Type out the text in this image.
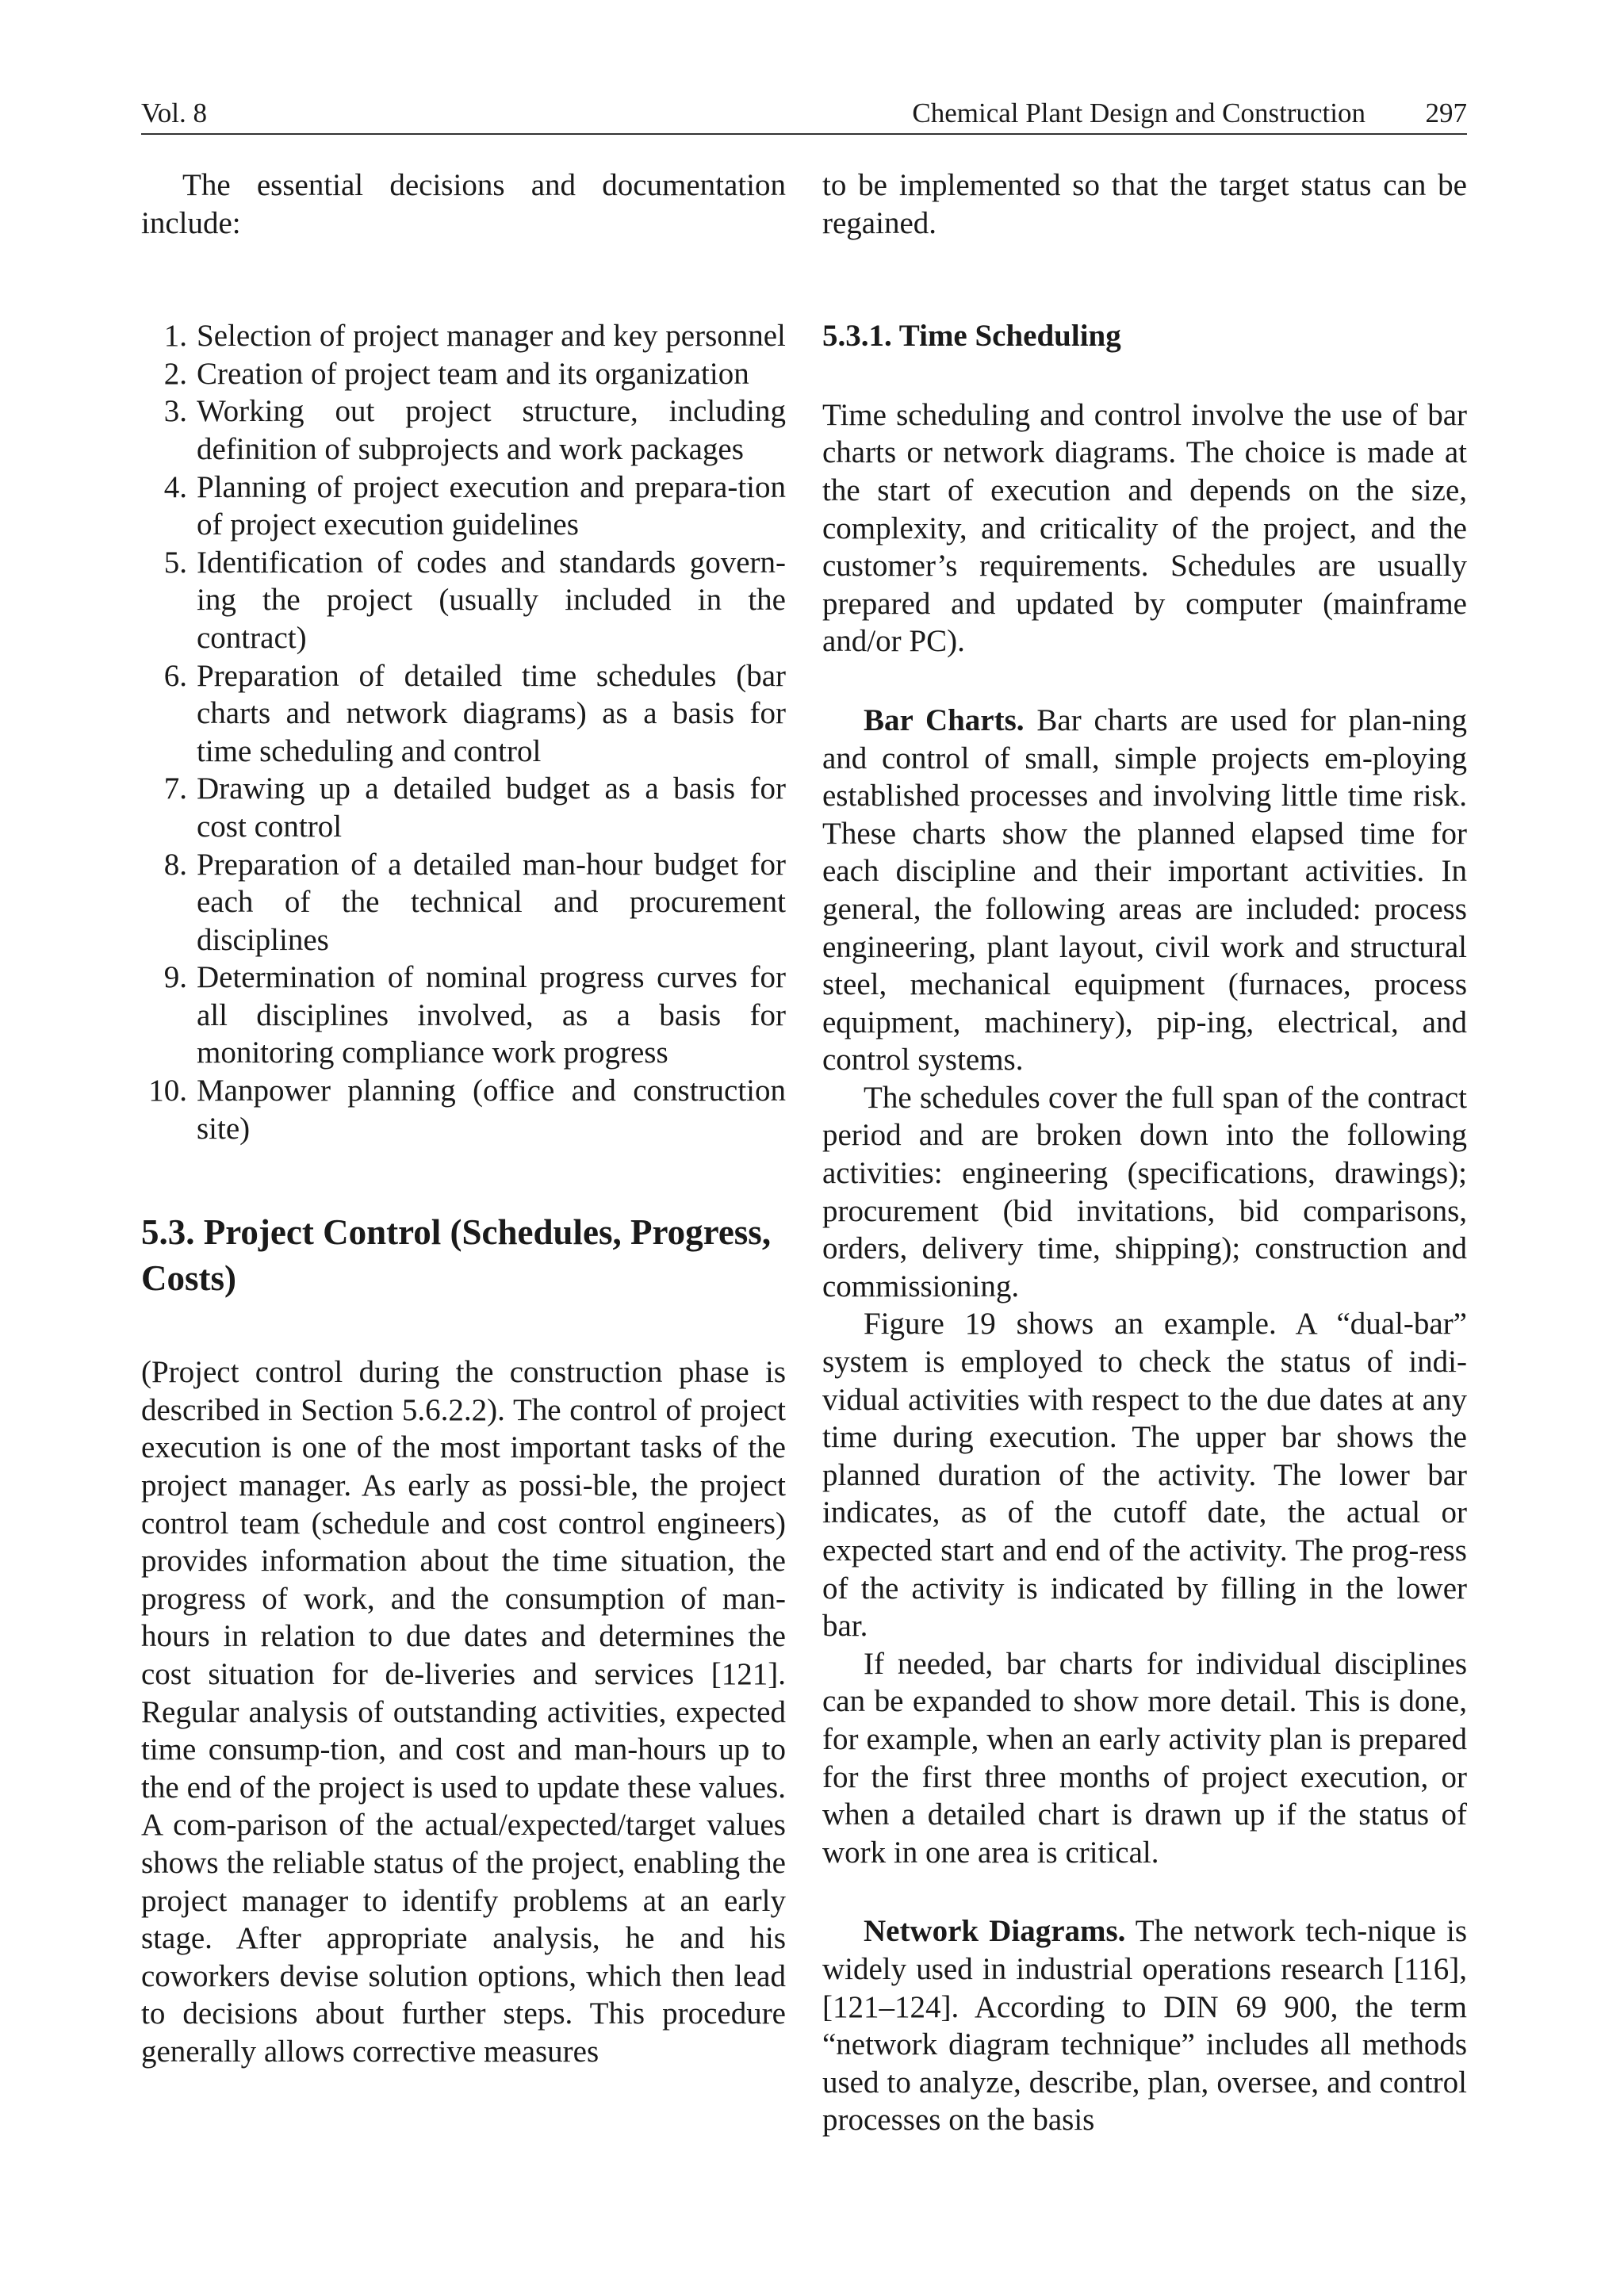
Vol. 8	Chemical Plant Design and Construction 297

The essential decisions and documentation include:

1. Selection of project manager and key personnel
2. Creation of project team and its organization
3. Working out project structure, including definition of subprojects and work packages
4. Planning of project execution and prepara-tion of project execution guidelines
5. Identification of codes and standards govern-ing the project (usually included in the contract)
6. Preparation of detailed time schedules (bar charts and network diagrams) as a basis for time scheduling and control
7. Drawing up a detailed budget as a basis for cost control
8. Preparation of a detailed man-hour budget for each of the technical and procurement disciplines
9. Determination of nominal progress curves for all disciplines involved, as a basis for monitoring compliance work progress
10. Manpower planning (office and construction site)
5.3. Project Control (Schedules, Progress, Costs)

(Project control during the construction phase is described in Section 5.6.2.2). The control of project execution is one of the most important tasks of the project manager. As early as possi-ble, the project control team (schedule and cost control engineers) provides information about the time situation, the progress of work, and the consumption of man-hours in relation to due dates and determines the cost situation for de-liveries and services [121]. Regular analysis of outstanding activities, expected time consump-tion, and cost and man-hours up to the end of the project is used to update these values. A com-parison of the actual/expected/target values shows the reliable status of the project, enabling the project manager to identify problems at an early stage. After appropriate analysis, he and his coworkers devise solution options, which then lead to decisions about further steps. This procedure generally allows corrective measures

to be implemented so that the target status can be regained.

5.3.1. Time Scheduling

Time scheduling and control involve the use of bar charts or network diagrams. The choice is made at the start of execution and depends on the size, complexity, and criticality of the project, and the customer’s requirements. Schedules are usually prepared and updated by computer (mainframe and/or PC).

Bar Charts. Bar charts are used for plan-ning and control of small, simple projects em-ploying established processes and involving little time risk. These charts show the planned elapsed time for each discipline and their important activities. In general, the following areas are included: process engineering, plant layout, civil work and structural steel, mechanical equipment (furnaces, process equipment, machinery), pip-ing, electrical, and control systems.

The schedules cover the full span of the contract period and are broken down into the following activities: engineering (specifications, drawings); procurement (bid invitations, bid comparisons, orders, delivery time, shipping); construction and commissioning.

Figure 19 shows an example. A “dual-bar” system is employed to check the status of indi-vidual activities with respect to the due dates at any time during execution. The upper bar shows the planned duration of the activity. The lower bar indicates, as of the cutoff date, the actual or expected start and end of the activity. The prog-ress of the activity is indicated by filling in the lower bar.

If needed, bar charts for individual disciplines can be expanded to show more detail. This is done, for example, when an early activity plan is prepared for the first three months of project execution, or when a detailed chart is drawn up if the status of work in one area is critical.

Network Diagrams. The network tech-nique is widely used in industrial operations research [116], [121–124]. According to DIN 69 900, the term “network diagram technique” includes all methods used to analyze, describe, plan, oversee, and control processes on the basis
